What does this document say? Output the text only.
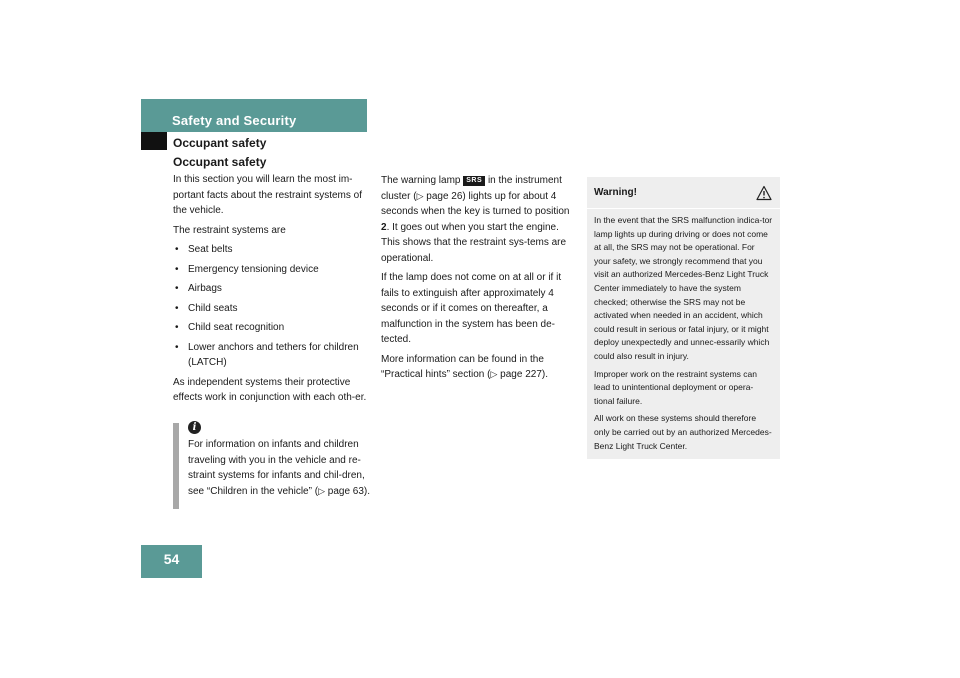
Safety and Security
Occupant safety
Occupant safety

In this section you will learn the most im-portant facts about the restraint systems of the vehicle.

The restraint systems are

• Seat belts
• Emergency tensioning device
• Airbags
• Child seats
• Child seat recognition
• Lower anchors and tethers for children (LATCH)

As independent systems their protective effects work in conjunction with each oth-er.

i
For information on infants and children traveling with you in the vehicle and re-straint systems for infants and chil-dren, see “Children in the vehicle” (▷ page 63).

The warning lamp SRS in the instrument cluster (▷ page 26) lights up for about 4 seconds when the key is turned to position 2. It goes out when you start the engine. This shows that the restraint sys-tems are operational.

If the lamp does not come on at all or if it fails to extinguish after approximately 4 seconds or if it comes on thereafter, a malfunction in the system has been de-tected.

More information can be found in the “Practical hints” section (▷ page 227).

Warning!

In the event that the SRS malfunction indica-tor lamp lights up during driving or does not come at all, the SRS may not be operational. For your safety, we strongly recommend that you visit an authorized Mercedes-Benz Light Truck Center immediately to have the system checked; otherwise the SRS may not be activated when needed in an accident, which could result in serious or fatal injury, or it might deploy unexpectedly and unnec-essarily which could also result in injury.

Improper work on the restraint systems can lead to unintentional deployment or opera-tional failure.

All work on these systems should therefore only be carried out by an authorized Mercedes-Benz Light Truck Center.

54
